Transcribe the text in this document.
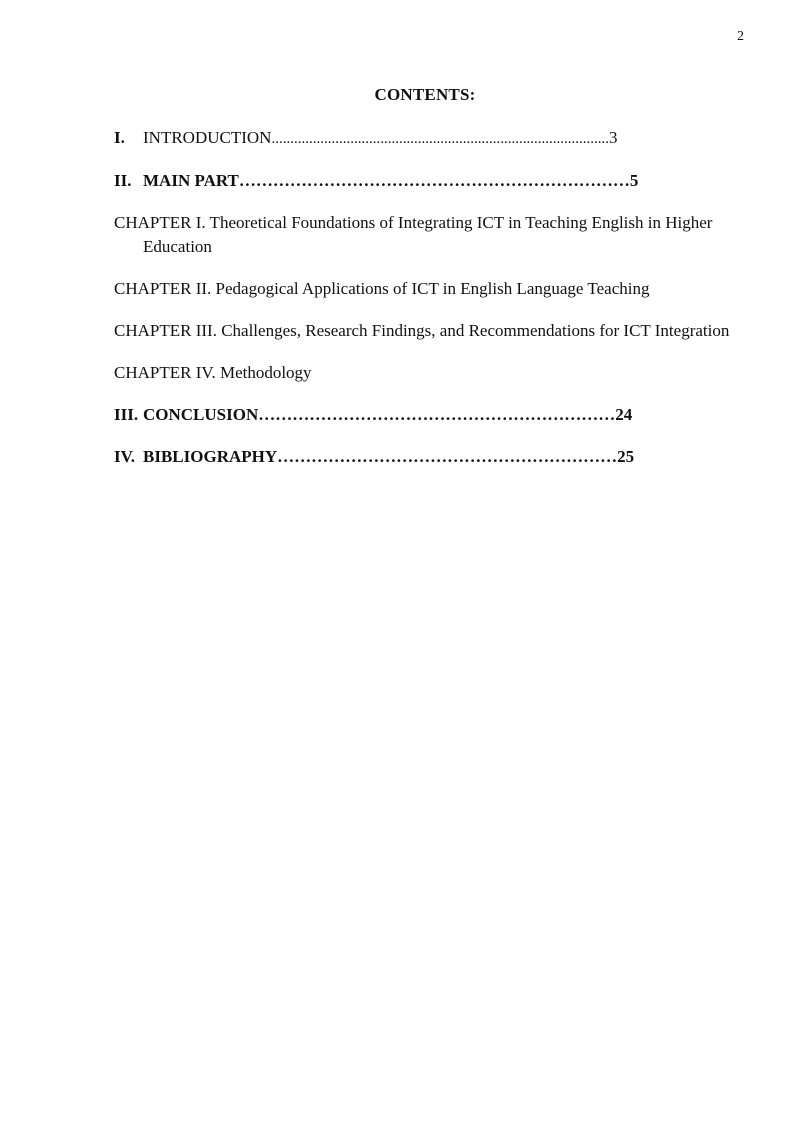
2
CONTENTS:
I. INTRODUCTION..........................................................................................3
II. MAIN PART……………………………………………………………5
CHAPTER I. Theoretical Foundations of Integrating ICT in Teaching English in Higher Education
CHAPTER II. Pedagogical Applications of ICT in English Language Teaching
CHAPTER III. Challenges, Research Findings, and Recommendations for ICT Integration
CHAPTER IV. Methodology
III. CONCLUSION………………………………………………………24
IV. BIBLIOGRAPHY……………………………………………………25
